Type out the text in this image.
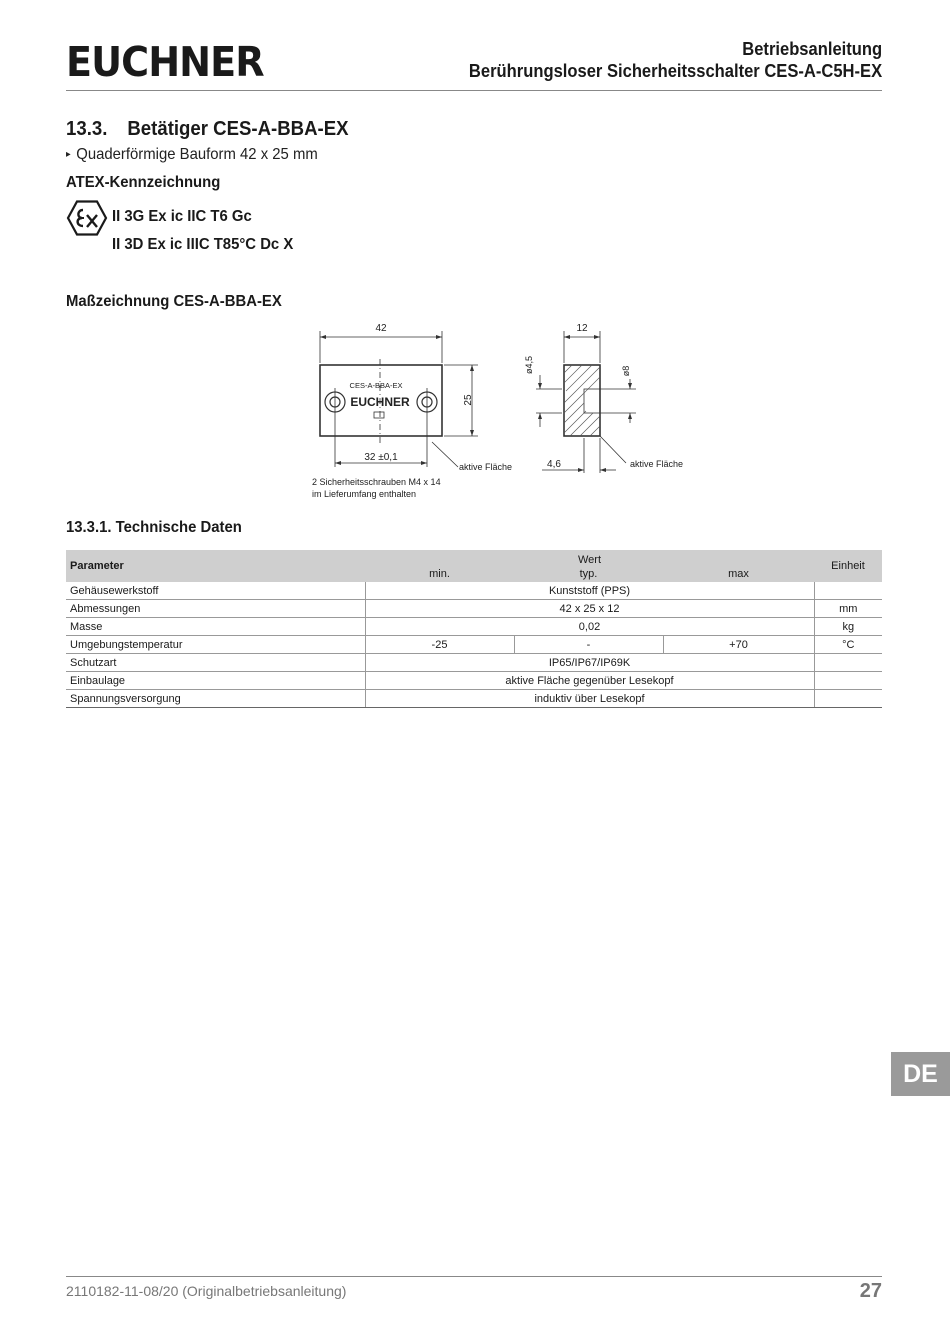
EUCHNER	Betriebsanleitung
Berührungsloser Sicherheitsschalter CES-A-C5H-EX
13.3. Betätiger CES-A-BBA-EX
▸ Quaderförmige Bauform 42 x 25 mm
ATEX-Kennzeichnung
II 3G Ex ic IIC T6 Gc
II 3D Ex ic IIIC T85°C Dc X
Maßzeichnung CES-A-BBA-EX
42
25
32 ±0,1
CES-A-BBA-EX
EUCHNER
aktive Fläche
12
ø4,5	ø8
4,6	aktive Fläche
2 Sicherheitsschrauben M4 x 14
im Lieferumfang enthalten
13.3.1. Technische Daten
Parameter	Wert			Einheit
	min.	typ.	max	
Gehäusewerkstoff	Kunststoff (PPS)			
Abmessungen	42 x 25 x 12			mm
Masse	0,02			kg
Umgebungstemperatur	-25	-	+70	°C
Schutzart	IP65/IP67/IP69K			
Einbaulage	aktive Fläche gegenüber Lesekopf			
Spannungsversorgung	induktiv über Lesekopf			
DE
2110182-11-08/20 (Originalbetriebsanleitung)	27
